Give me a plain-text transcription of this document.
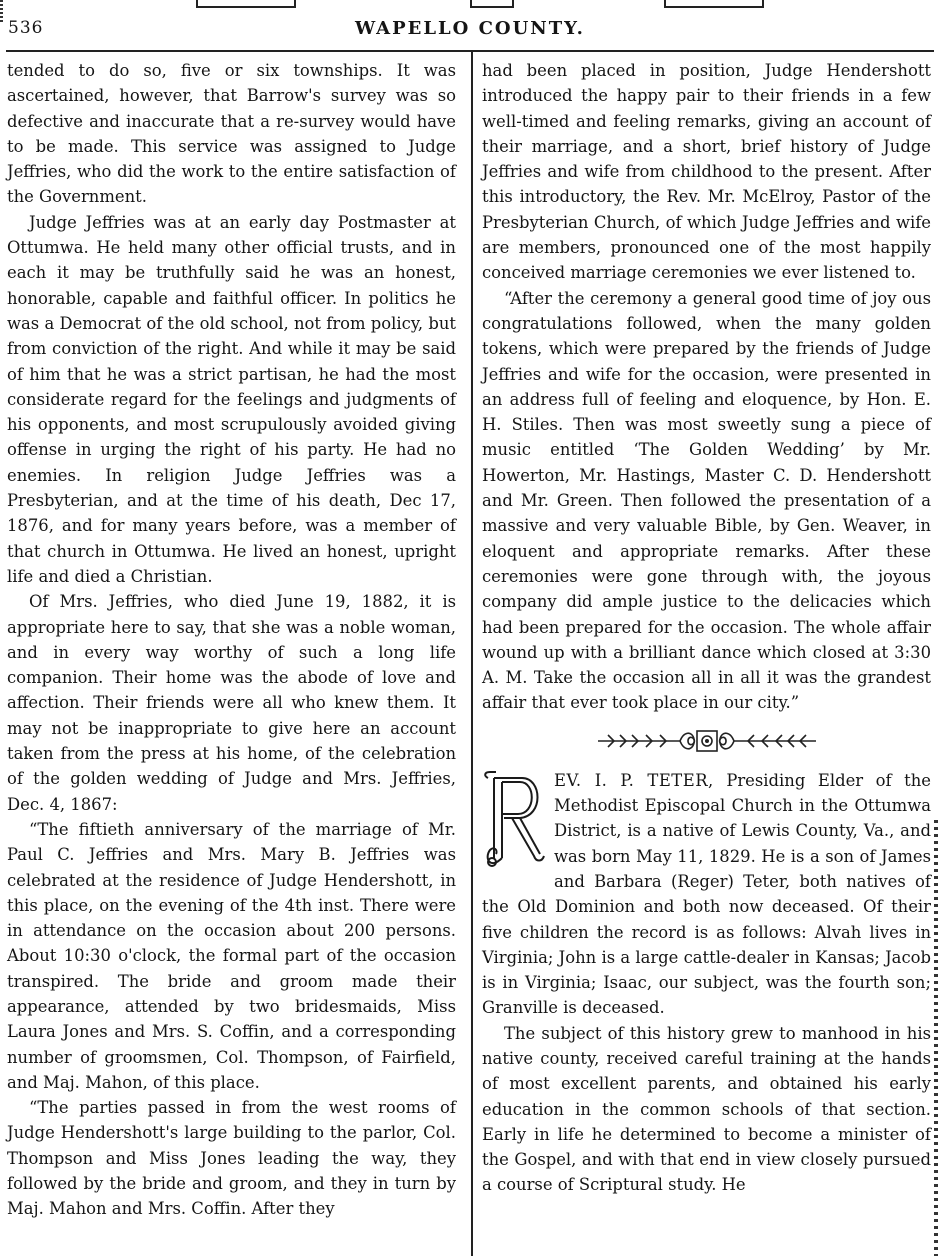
536	WAPELLO COUNTY.

tended to do so, five or six townships. It was ascertained, however, that Barrow's survey was so defective and inaccurate that a re-survey would have to be made. This service was assigned to Judge Jeffries, who did the work to the entire satisfaction of the Government.

Judge Jeffries was at an early day Postmaster at Ottumwa. He held many other official trusts, and in each it may be truthfully said he was an honest, honorable, capable and faithful officer. In politics he was a Democrat of the old school, not from policy, but from conviction of the right. And while it may be said of him that he was a strict partisan, he had the most considerate regard for the feelings and judgments of his opponents, and most scrupulously avoided giving offense in urging the right of his party. He had no enemies. In religion Judge Jeffries was a Presbyterian, and at the time of his death, Dec 17, 1876, and for many years before, was a member of that church in Ottumwa. He lived an honest, upright life and died a Christian.

Of Mrs. Jeffries, who died June 19, 1882, it is appropriate here to say, that she was a noble woman, and in every way worthy of such a long life companion. Their home was the abode of love and affection. Their friends were all who knew them. It may not be inappropriate to give here an account taken from the press at his home, of the celebration of the golden wedding of Judge and Mrs. Jeffries, Dec. 4, 1867:

“The fiftieth anniversary of the marriage of Mr. Paul C. Jeffries and Mrs. Mary B. Jeffries was celebrated at the residence of Judge Hendershott, in this place, on the evening of the 4th inst. There were in attendance on the occasion about 200 persons. About 10:30 o'clock, the formal part of the occasion transpired. The bride and groom made their appearance, attended by two bridesmaids, Miss Laura Jones and Mrs. S. Coffin, and a corresponding number of groomsmen, Col. Thompson, of Fairfield, and Maj. Mahon, of this place.

“The parties passed in from the west rooms of Judge Hendershott's large building to the parlor, Col. Thompson and Miss Jones leading the way, they followed by the bride and groom, and they in turn by Maj. Mahon and Mrs. Coffin. After they

had been placed in position, Judge Hendershott introduced the happy pair to their friends in a few well-timed and feeling remarks, giving an account of their marriage, and a short, brief history of Judge Jeffries and wife from childhood to the present. After this introductory, the Rev. Mr. McElroy, Pastor of the Presbyterian Church, of which Judge Jeffries and wife are members, pronounced one of the most happily conceived marriage ceremonies we ever listened to.

“After the ceremony a general good time of joy ous congratulations followed, when the many golden tokens, which were prepared by the friends of Judge Jeffries and wife for the occasion, were presented in an address full of feeling and eloquence, by Hon. E. H. Stiles. Then was most sweetly sung a piece of music entitled ‘The Golden Wedding’ by Mr. Howerton, Mr. Hastings, Master C. D. Hendershott and Mr. Green. Then followed the presentation of a massive and very valuable Bible, by Gen. Weaver, in eloquent and appropriate remarks. After these ceremonies were gone through with, the joyous company did ample justice to the delicacies which had been prepared for the occasion. The whole affair wound up with a brilliant dance which closed at 3:30 A. M. Take the occasion all in all it was the grandest affair that ever took place in our city.”

EV. I. P. TETER, Presiding Elder of the Methodist Episcopal Church in the Ottumwa District, is a native of Lewis County, Va., and was born May 11, 1829. He is a son of James and Barbara (Reger) Teter, both natives of the Old Dominion and both now deceased. Of their five children the record is as follows: Alvah lives in Virginia; John is a large cattle-dealer in Kansas; Jacob is in Virginia; Isaac, our subject, was the fourth son; Granville is deceased.

The subject of this history grew to manhood in his native county, received careful training at the hands of most excellent parents, and obtained his early education in the common schools of that section. Early in life he determined to become a minister of the Gospel, and with that end in view closely pursued a course of Scriptural study. He
